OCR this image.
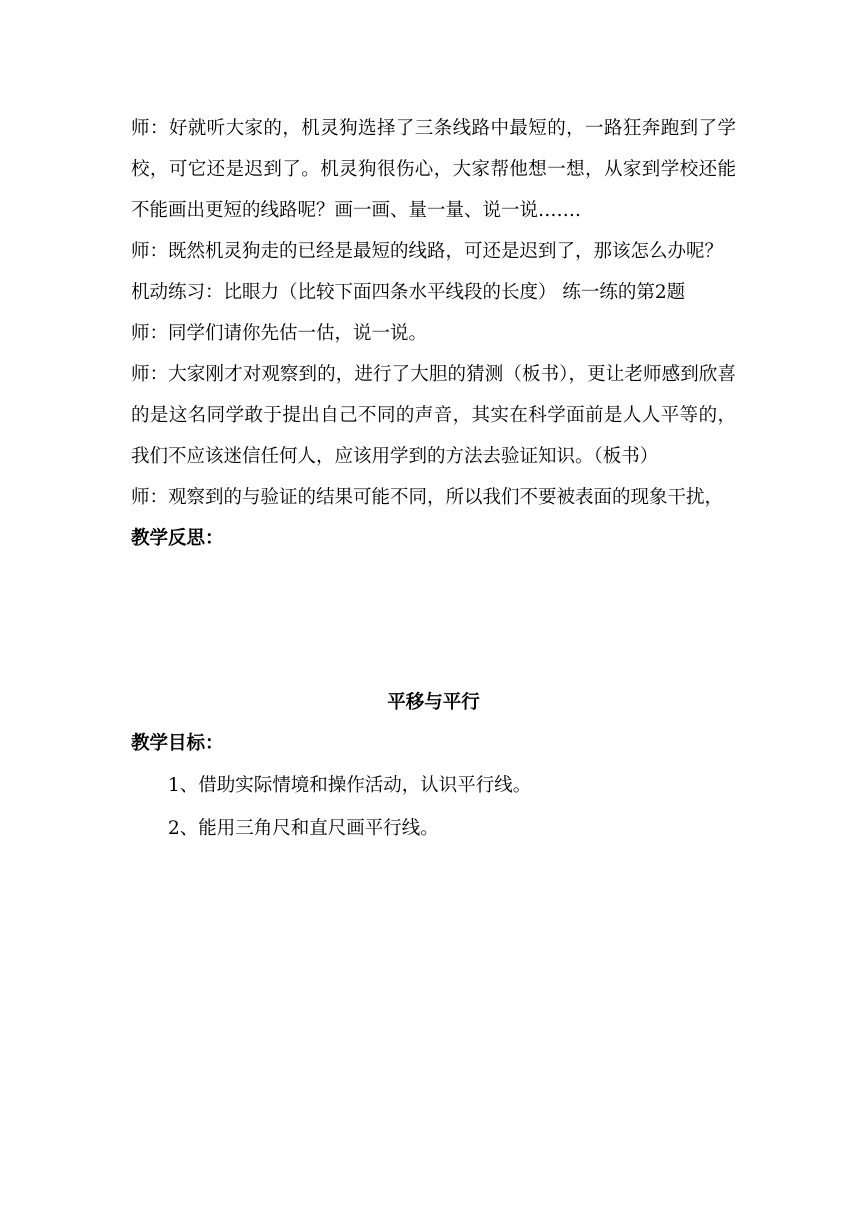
师：好就听大家的，机灵狗选择了三条线路中最短的，一路狂奔跑到了学校，可它还是迟到了。机灵狗很伤心，大家帮他想一想，从家到学校还能不能画出更短的线路呢？画一画、量一量、说一说…….

师：既然机灵狗走的已经是最短的线路，可还是迟到了，那该怎么办呢？

机动练习：比眼力（比较下面四条水平线段的长度） 练一练的第2题

师：同学们请你先估一估，说一说。

师：大家刚才对观察到的，进行了大胆的猜测（板书），更让老师感到欣喜的是这名同学敢于提出自己不同的声音，其实在科学面前是人人平等的，我们不应该迷信任何人，应该用学到的方法去验证知识。（板书）

师：观察到的与验证的结果可能不同，所以我们不要被表面的现象干扰，

教学反思：

平移与平行

教学目标：

1、借助实际情境和操作活动，认识平行线。

2、能用三角尺和直尺画平行线。
